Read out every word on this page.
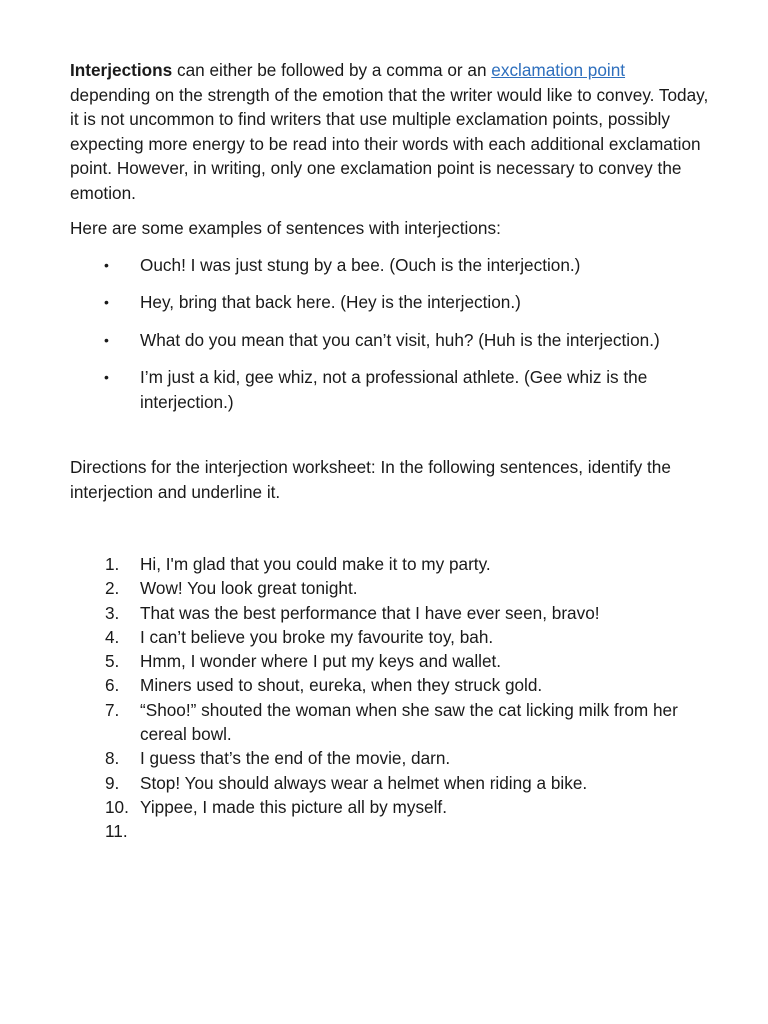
Interjections can either be followed by a comma or an exclamation point depending on the strength of the emotion that the writer would like to convey. Today, it is not uncommon to find writers that use multiple exclamation points, possibly expecting more energy to be read into their words with each additional exclamation point. However, in writing, only one exclamation point is necessary to convey the emotion.

Here are some examples of sentences with interjections:

• Ouch! I was just stung by a bee. (Ouch is the interjection.)
• Hey, bring that back here. (Hey is the interjection.)
• What do you mean that you can’t visit, huh? (Huh is the interjection.)
• I’m just a kid, gee whiz, not a professional athlete. (Gee whiz is the interjection.)

Directions for the interjection worksheet: In the following sentences, identify the interjection and underline it.

1. Hi, I'm glad that you could make it to my party.
2. Wow! You look great tonight.
3. That was the best performance that I have ever seen, bravo!
4. I can’t believe you broke my favourite toy, bah.
5. Hmm, I wonder where I put my keys and wallet.
6. Miners used to shout, eureka, when they struck gold.
7. “Shoo!” shouted the woman when she saw the cat licking milk from her cereal bowl.
8. I guess that’s the end of the movie, darn.
9. Stop! You should always wear a helmet when riding a bike.
10. Yippee, I made this picture all by myself.
11.
